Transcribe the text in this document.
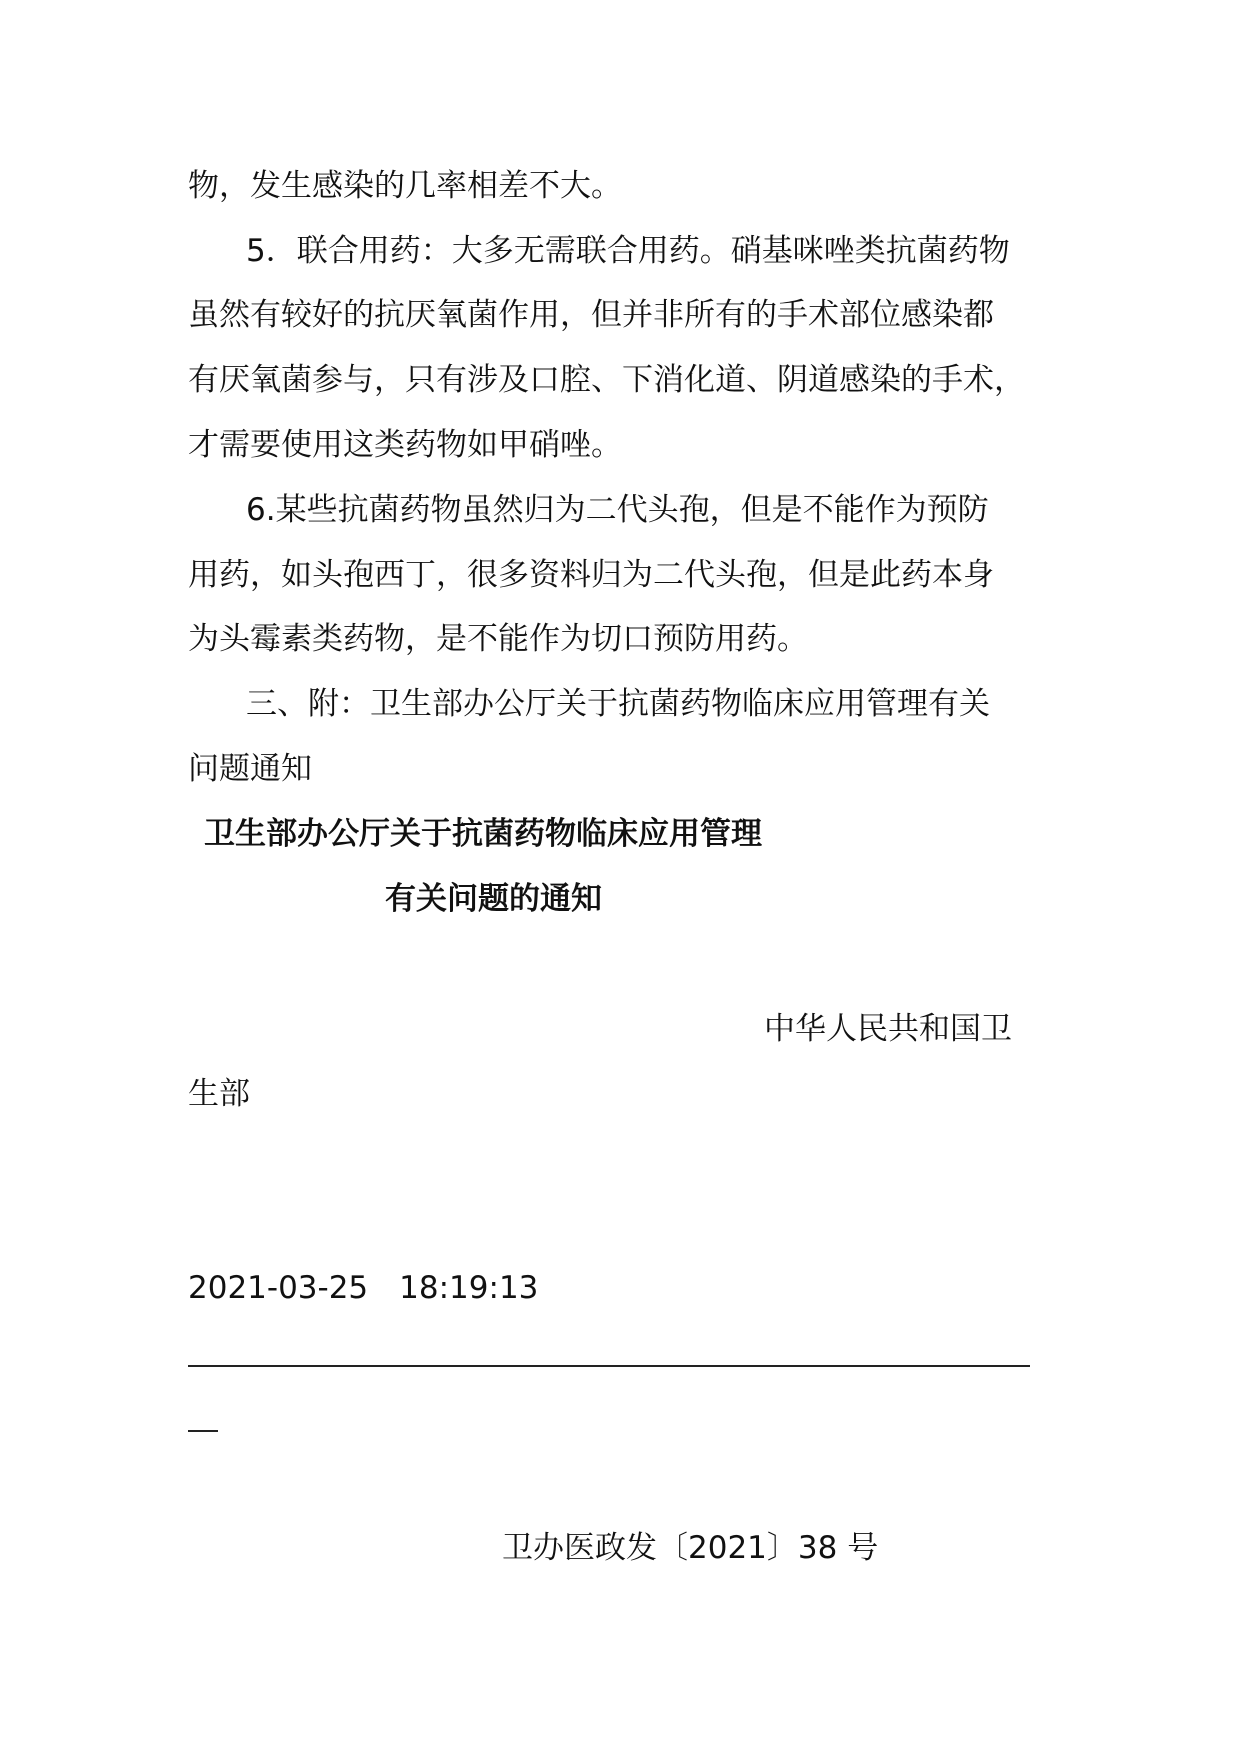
物，发生感染的几率相差不大。
5．联合用药：大多无需联合用药。硝基咪唑类抗菌药物
虽然有较好的抗厌氧菌作用，但并非所有的手术部位感染都
有厌氧菌参与，只有涉及口腔、下消化道、阴道感染的手术，
才需要使用这类药物如甲硝唑。
6.某些抗菌药物虽然归为二代头孢，但是不能作为预防
用药，如头孢西丁，很多资料归为二代头孢，但是此药本身
为头霉素类药物，是不能作为切口预防用药。
三、附：卫生部办公厅关于抗菌药物临床应用管理有关
问题通知
卫生部办公厅关于抗菌药物临床应用管理
有关问题的通知
中华人民共和国卫
生部
2021-03-25　18:19:13
卫办医政发〔2021〕38 号
